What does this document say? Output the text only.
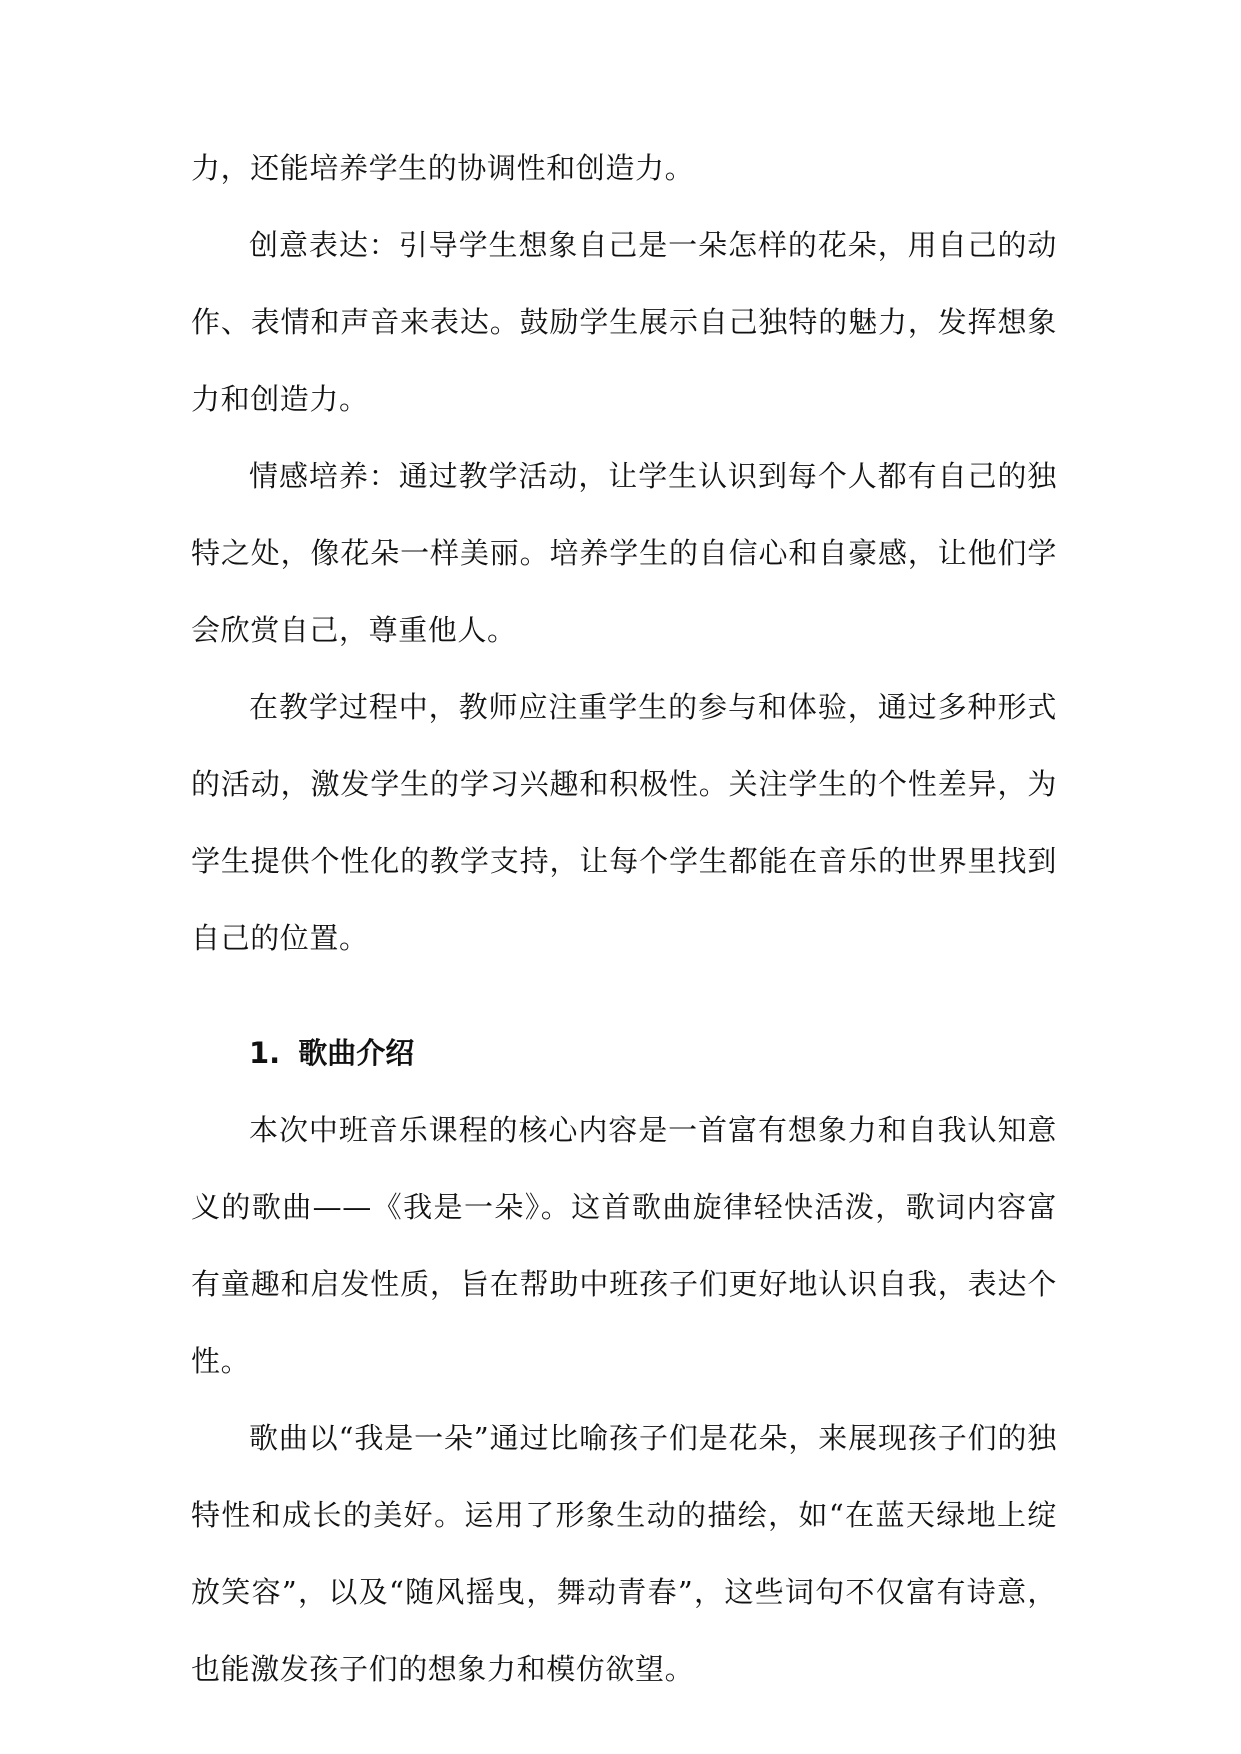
力，还能培养学生的协调性和创造力。

创意表达：引导学生想象自己是一朵怎样的花朵，用自己的动作、表情和声音来表达。鼓励学生展示自己独特的魅力，发挥想象力和创造力。

情感培养：通过教学活动，让学生认识到每个人都有自己的独特之处，像花朵一样美丽。培养学生的自信心和自豪感，让他们学会欣赏自己，尊重他人。

在教学过程中，教师应注重学生的参与和体验，通过多种形式的活动，激发学生的学习兴趣和积极性。关注学生的个性差异，为学生提供个性化的教学支持，让每个学生都能在音乐的世界里找到自己的位置。

1. 歌曲介绍

本次中班音乐课程的核心内容是一首富有想象力和自我认知意义的歌曲——《我是一朵》。这首歌曲旋律轻快活泼，歌词内容富有童趣和启发性质，旨在帮助中班孩子们更好地认识自我，表达个性。

歌曲以“我是一朵”通过比喻孩子们是花朵，来展现孩子们的独特性和成长的美好。运用了形象生动的描绘，如“在蓝天绿地上绽放笑容”，以及“随风摇曳，舞动青春”，这些词句不仅富有诗意，也能激发孩子们的想象力和模仿欲望。
